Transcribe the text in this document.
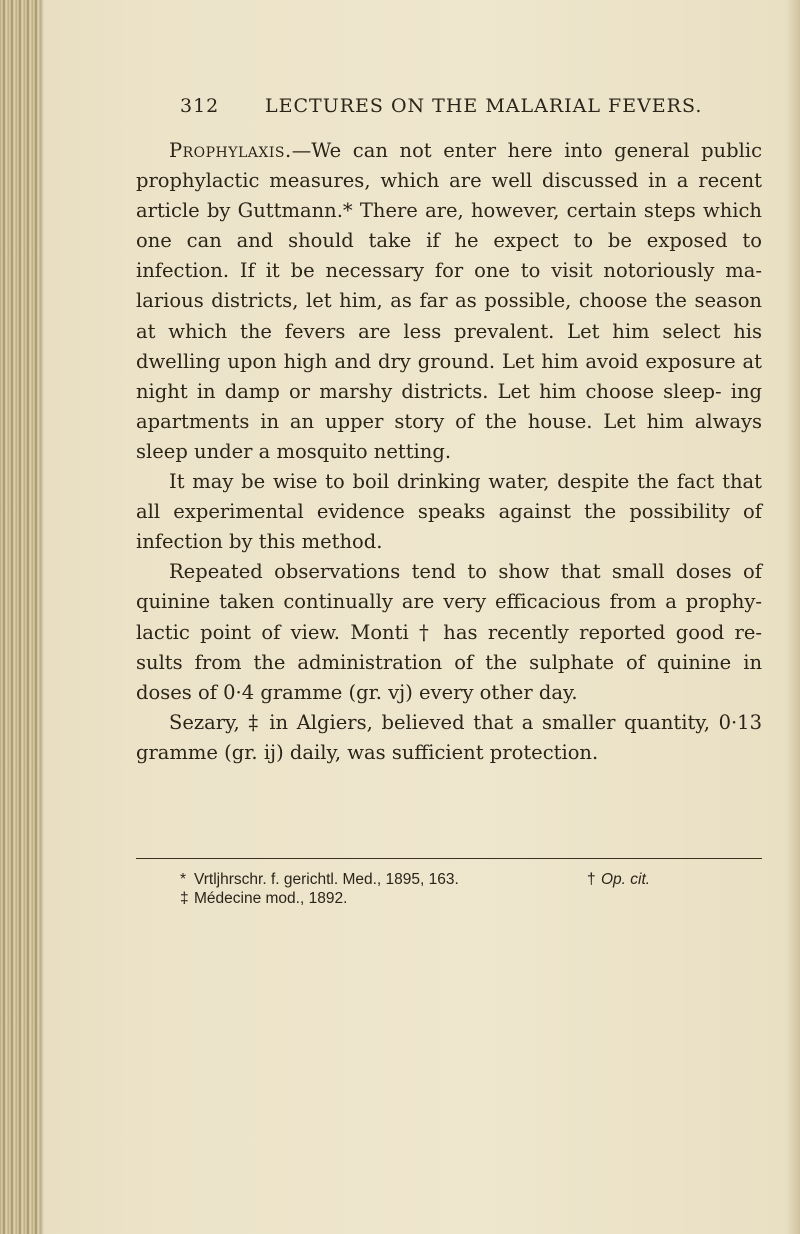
312 LECTURES ON THE MALARIAL FEVERS.

Prophylaxis.—We can not enter here into general public prophylactic measures, which are well discussed in a recent article by Guttmann.* There are, however, certain steps which one can and should take if he expect to be exposed to infection. If it be necessary for one to visit notoriously ma- larious districts, let him, as far as possible, choose the season at which the fevers are less prevalent. Let him select his dwelling upon high and dry ground. Let him avoid exposure at night in damp or marshy districts. Let him choose sleep- ing apartments in an upper story of the house. Let him always sleep under a mosquito netting.

It may be wise to boil drinking water, despite the fact that all experimental evidence speaks against the possibility of infection by this method.

Repeated observations tend to show that small doses of quinine taken continually are very efficacious from a prophy- lactic point of view. Monti † has recently reported good re- sults from the administration of the sulphate of quinine in doses of 0·4 gramme (gr. vj) every other day.

Sezary, ‡ in Algiers, believed that a smaller quantity, 0·13 gramme (gr. ij) daily, was sufficient protection.

* Vrtljhrschr. f. gerichtl. Med., 1895, 163.	† Op. cit.
‡ Médecine mod., 1892.
